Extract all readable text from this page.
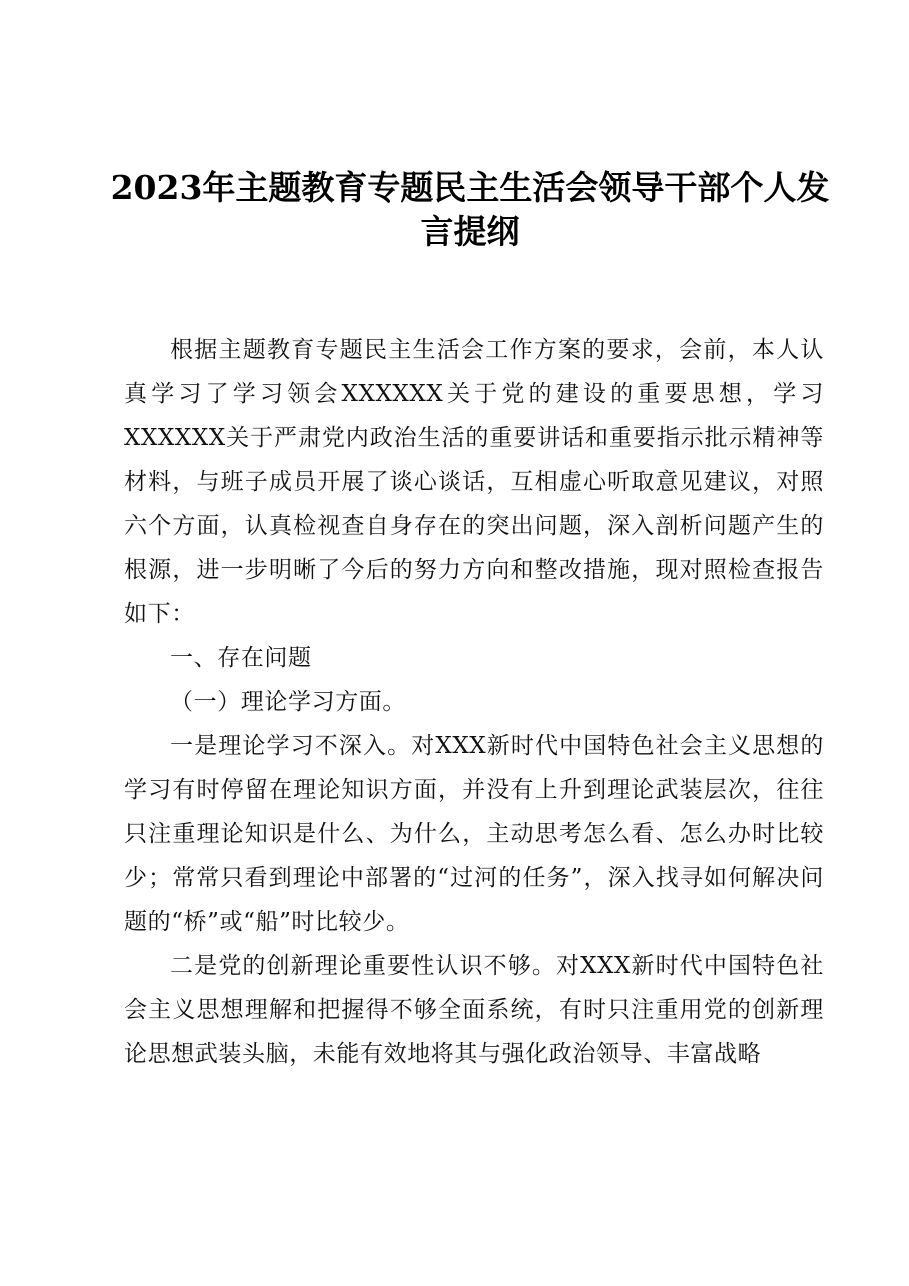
2023年主题教育专题民主生活会领导干部个人发言提纲

根据主题教育专题民主生活会工作方案的要求，会前，本人认真学习了学习领会XXXXXX关于党的建设的重要思想，学习XXXXXX关于严肃党内政治生活的重要讲话和重要指示批示精神等材料，与班子成员开展了谈心谈话，互相虚心听取意见建议，对照六个方面，认真检视查自身存在的突出问题，深入剖析问题产生的根源，进一步明晰了今后的努力方向和整改措施，现对照检查报告如下：

一、存在问题

（一）理论学习方面。

一是理论学习不深入。对XXX新时代中国特色社会主义思想的学习有时停留在理论知识方面，并没有上升到理论武装层次，往往只注重理论知识是什么、为什么，主动思考怎么看、怎么办时比较少；常常只看到理论中部署的“过河的任务”，深入找寻如何解决问题的“桥”或“船”时比较少。

二是党的创新理论重要性认识不够。对XXX新时代中国特色社会主义思想理解和把握得不够全面系统，有时只注重用党的创新理论思想武装头脑，未能有效地将其与强化政治领导、丰富战略
